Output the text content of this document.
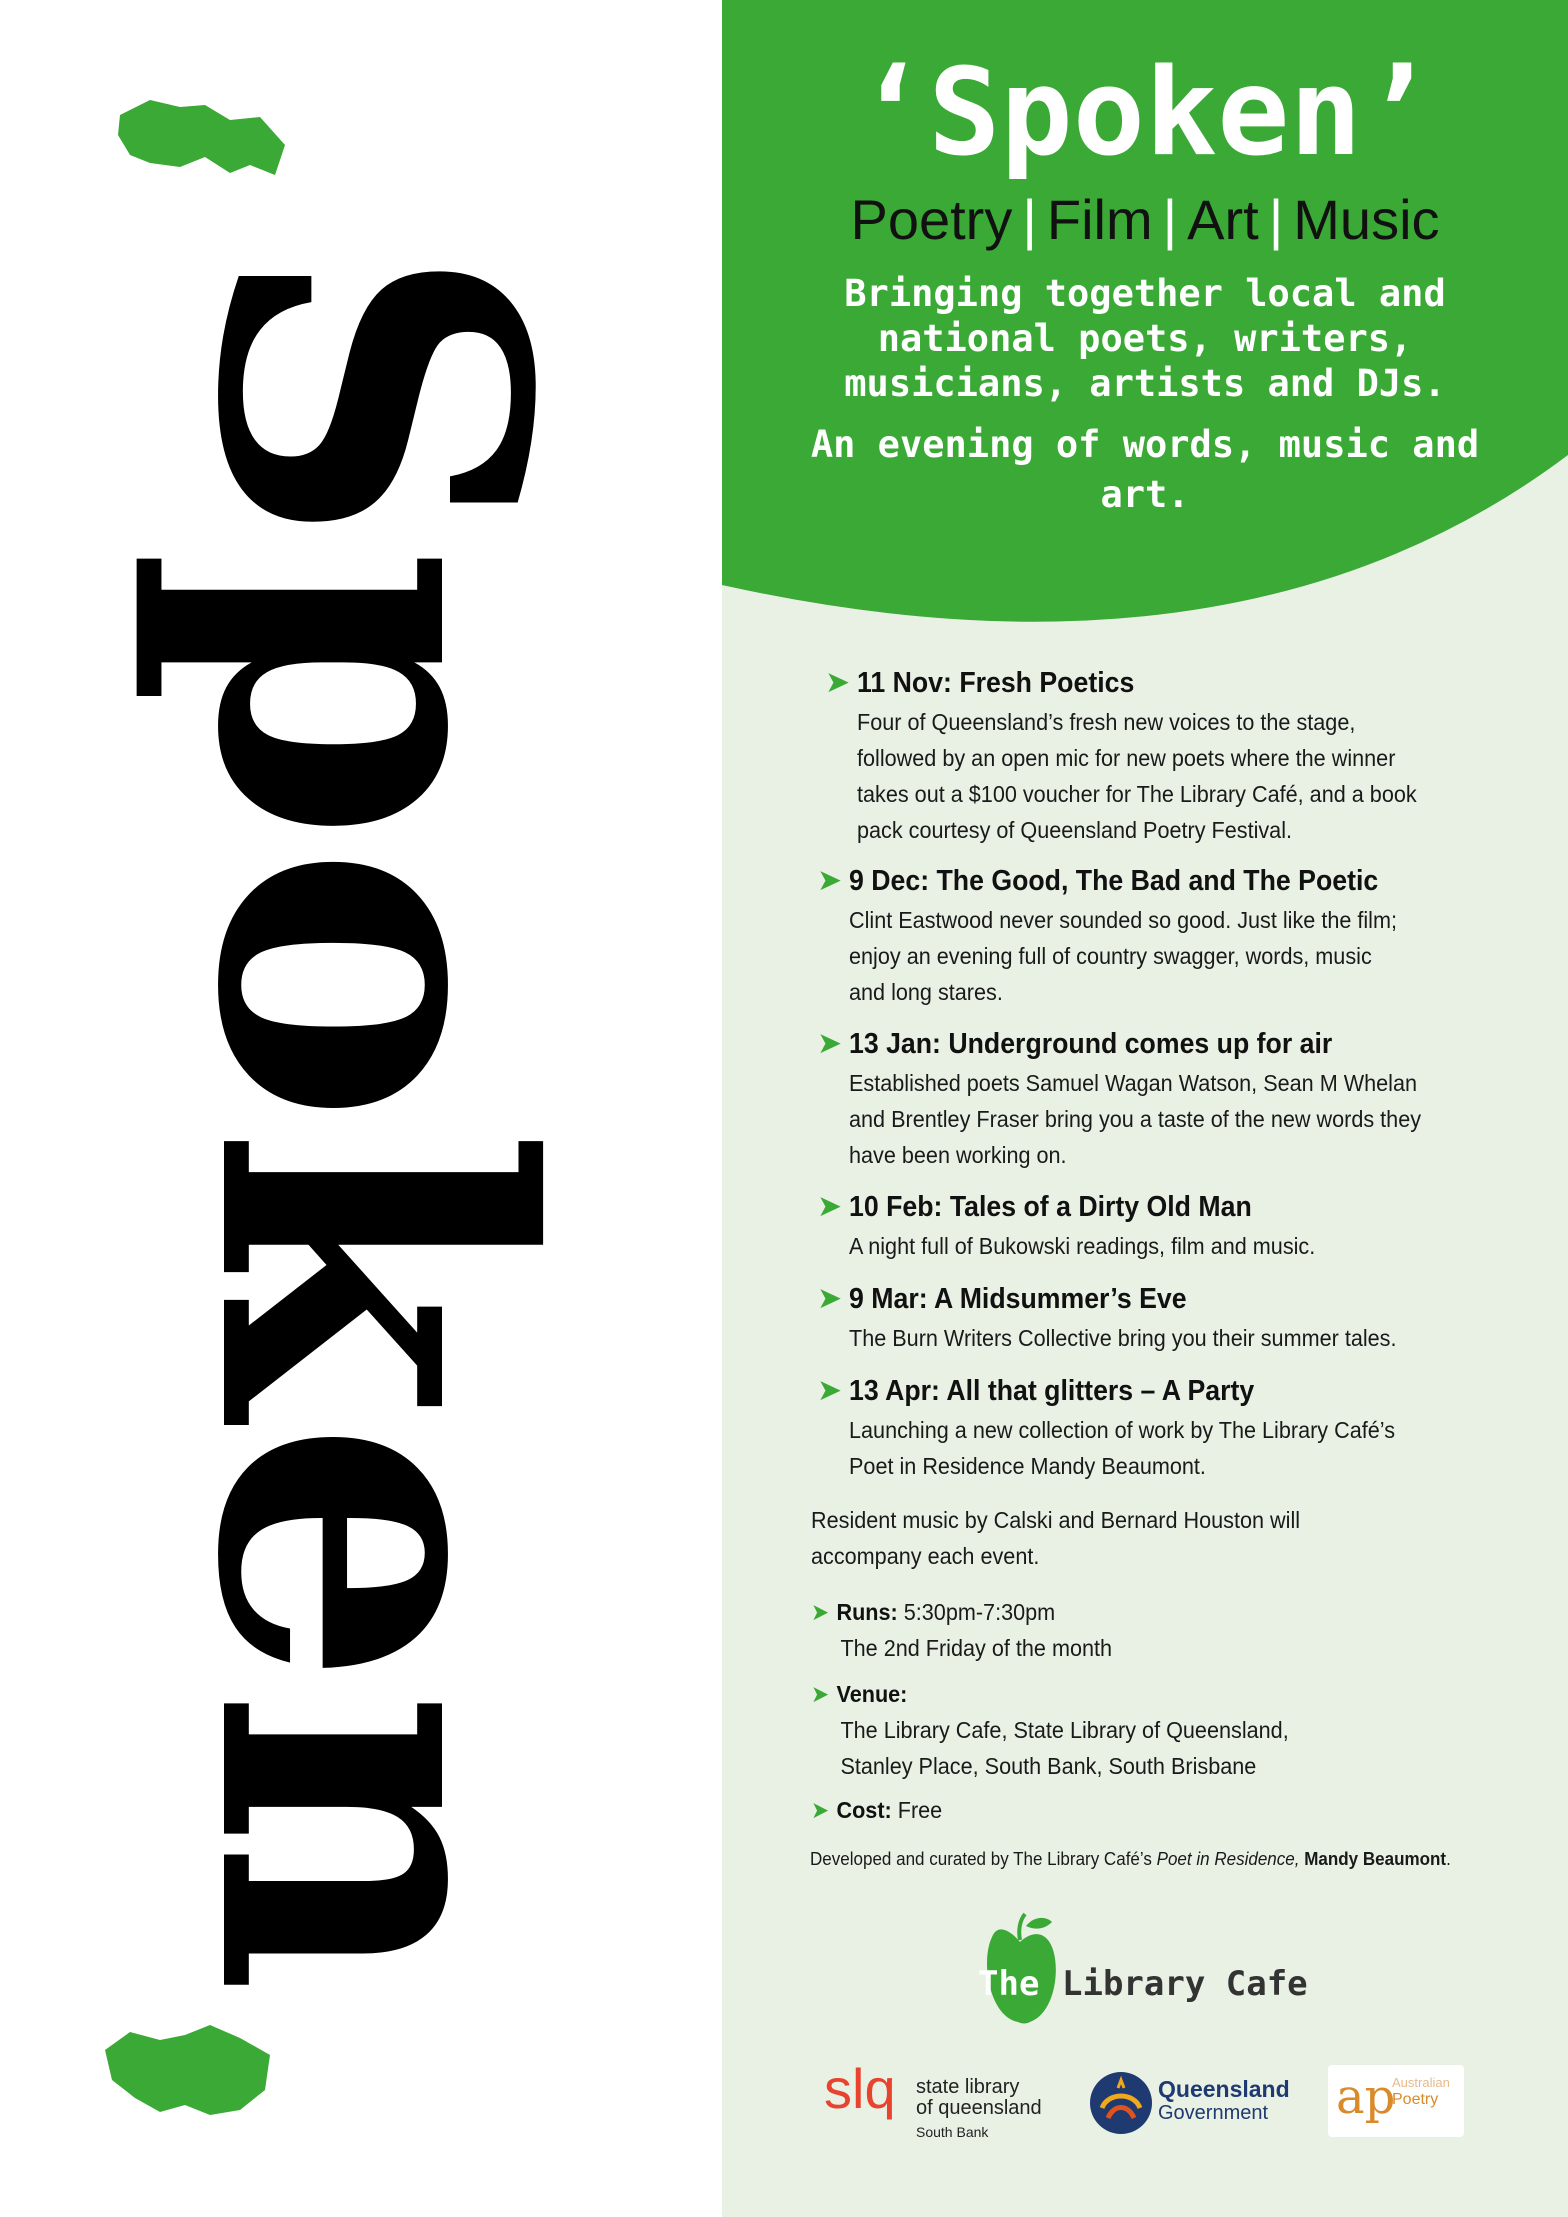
Spoken
‘Spoken’
Poetry | Film | Art | Music
Bringing together local and national poets, writers, musicians, artists and DJs.
An evening of words, music and art.
➤ 11 Nov: Fresh Poetics

Four of Queensland’s fresh new voices to the stage,
followed by an open mic for new poets where the winner
takes out a $100 voucher for The Library Café, and a book
pack courtesy of Queensland Poetry Festival.

➤ 9 Dec: The Good, The Bad and The Poetic

Clint Eastwood never sounded so good. Just like the film;
enjoy an evening full of country swagger, words, music
and long stares.

➤ 13 Jan: Underground comes up for air

Established poets Samuel Wagan Watson, Sean M Whelan
and Brentley Fraser bring you a taste of the new words they
have been working on.

➤ 10 Feb: Tales of a Dirty Old Man

A night full of Bukowski readings, film and music.

➤ 9 Mar: A Midsummer’s Eve

The Burn Writers Collective bring you their summer tales.

➤ 13 Apr: All that glitters – A Party

Launching a new collection of work by The Library Café’s
Poet in Residence Mandy Beaumont.

Resident music by Calski and Bernard Houston will
accompany each event.
➤ Runs: 5:30pm-7:30pm
The 2nd Friday of the month
➤ Venue:
The Library Cafe, State Library of Queensland,
Stanley Place, South Bank, South Brisbane
➤ Cost: Free
Developed and curated by The Library Café’s Poet in Residence, Mandy Beaumont.
The Library Cafe
slq state library
of queensland
South Bank
Queensland
Government ap
Australian
Poetry
